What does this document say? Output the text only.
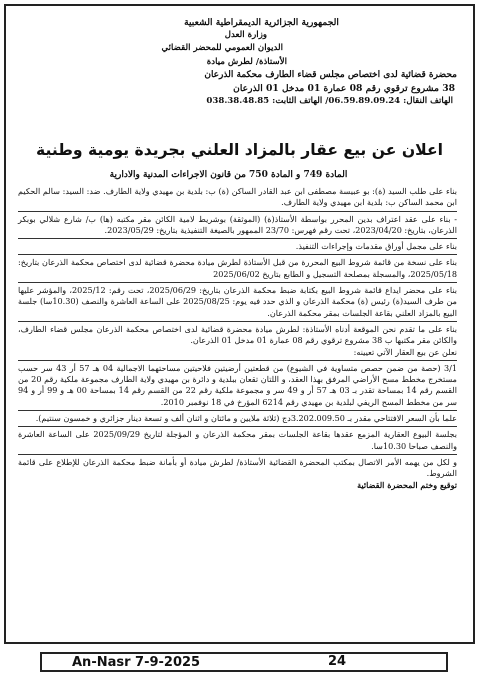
الجمهورية الجزائرية الديمقراطية الشعبية
وزارة العدل
الديوان العمومي للمحضر القضائي
الأستاذة/ لطرش ميادة
محضرة قضائية لدى اختصاص مجلس قضاء الطارف محكمة الذرعان
38 مشروع ترقوي رقم 08 عمارة 01 مدخل 01 الذرعان
الهاتف النقال: 06.59.89.09.24/ الهاتف الثابت: 038.38.48.85
اعلان عن بيع عقار بالمزاد العلني بجريدة يومية وطنية
المادة 749 و المادة 750 من قانون الاجراءات المدنية والادارية

بناء على طلب السيد (ة): بو عبيسة مصطفى ابن عبد القادر الساكن (ة) ب: بلدية بن مهيدي ولاية الطارف. ضد: السيد: سالم الحكيم ابن محمد الساكن ب: بلدية ابن مهيدي ولاية الطارف.

- بناء على عقد اعتراف بدين المحرر بواسطة الأستاذ(ة) (الموثقة) بوشريط لامية الكائن مقر مكتبه (ها) ب/ شارع شلالي بوبكر الذرعان، بتاريخ: 2023/04/20، تحت رقم فهرس: 23/70 الممهور بالصيغة التنفيذية بتاريخ: 2023/05/29.

بناء على مجمل أوراق مقدمات وإجراءات التنفيذ.

بناء على نسخة من قائمة شروط البيع المحررة من قبل الأستاذة لطرش ميادة محضرة قضائية لدى اختصاص محكمة الذرعان بتاريخ: 2025/05/18، والمسجلة بمصلحة التسجيل و الطابع بتاريخ 2025/06/02

بناء على محضر ايداع قائمة شروط البيع بكتابة ضبط محكمة الذرعان بتاريخ: 2025/06/29، تحت رقم: 2025/12، والمؤشر عليها من طرف السيد(ة) رئيس (ة) محكمة الذرعان و الذي حدد فيه يوم: 2025/08/25 على الساعة العاشرة والنصف (10.30سا) جلسة البيع بالمزاد العلني بقاعة الجلسات بمقر محكمة الذرعان.

بناء على ما تقدم نحن الموقعة أدناه الأستاذة: لطرش ميادة محضرة قضائية لدى اختصاص محكمة الذرعان مجلس قضاء الطارف، والكائن مقر مكتبها ب 38 مشروع ترقوي رقم 08 عمارة 01 مدخل 01 الذرعان.

نعلن عن بيع العقار الآتي تعيينه:

3/1 (حصة من ضمن حصص متساوية في الشيوع) من قطعتين أرضيتين فلاحيتين مساحتهما الاجمالية 04 هـ 57 أر 43 سر حسب مستخرج مخطط مسح الأراضي المرفق بهذا العقد، و اللتان تقعان ببلدية و دائرة بن مهيدي ولاية الطارف مجموعة ملكية رقم 20 من القسم رقم 14 بمساحة تقدر بـ 03 هـ 57 أر و 49 سر و مجموعة ملكية رقم 22 من القسم رقم 14 بمساحة 00 هـ و 99 أر و 94 سر من مخطط المسح الريفي لبلدية بن مهيدي رقم 6214 المؤرخ في 18 نوفمبر 2010.

علما بأن السعر الافتتاحي مقدر بـ 3.202.009.50دج (ثلاثة ملايين و مائتان و اثنان ألف و تسعة دينار جزائري و خمسون سنتيم).

بجلسة البيوع العقارية المزمع عقدها بقاعة الجلسات بمقر محكمة الذرعان و المؤجلة لتاريخ 2025/09/29 على الساعة العاشرة والنصف صباحا 10.30سا.

و لكل من يهمه الأمر الاتصال بمكتب المحضرة القضائية الأستاذة/ لطرش ميادة أو بأمانة ضبط محكمة الذرعان للإطلاع على قائمة الشروط.

توقيع وختم المحضرة القضائية

An-Nasr 7-9-2025	24
